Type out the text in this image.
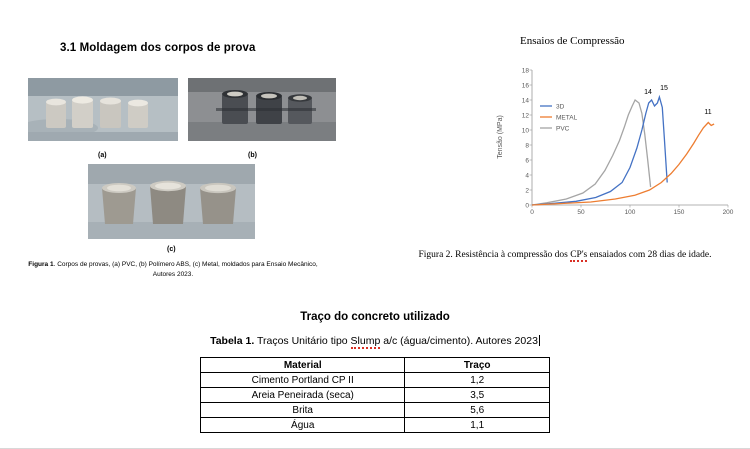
3.1 Moldagem dos corpos de prova
(a)	(b)
(c)
Figura 1. Corpos de provas, (a) PVC, (b) Polímero ABS, (c) Metal, moldados para Ensaio Mecânico, Autores 2023.
Ensaios de Compressão
18
16
14
12
10
8
6
4
2
0
0	50	100	150	200
14
15
11
3D
METAL
PVC
Tensão (MPa)
Figura 2. Resistência à compressão dos CP's ensaiados com 28 dias de idade.
Traço do concreto utilizado
Tabela 1. Traços Unitário tipo Slump a/c (água/cimento). Autores 2023
Material	Traço
Cimento Portland CP II	1,2
Areia Peneirada (seca)	3,5
Brita	5,6
Água	1,1
